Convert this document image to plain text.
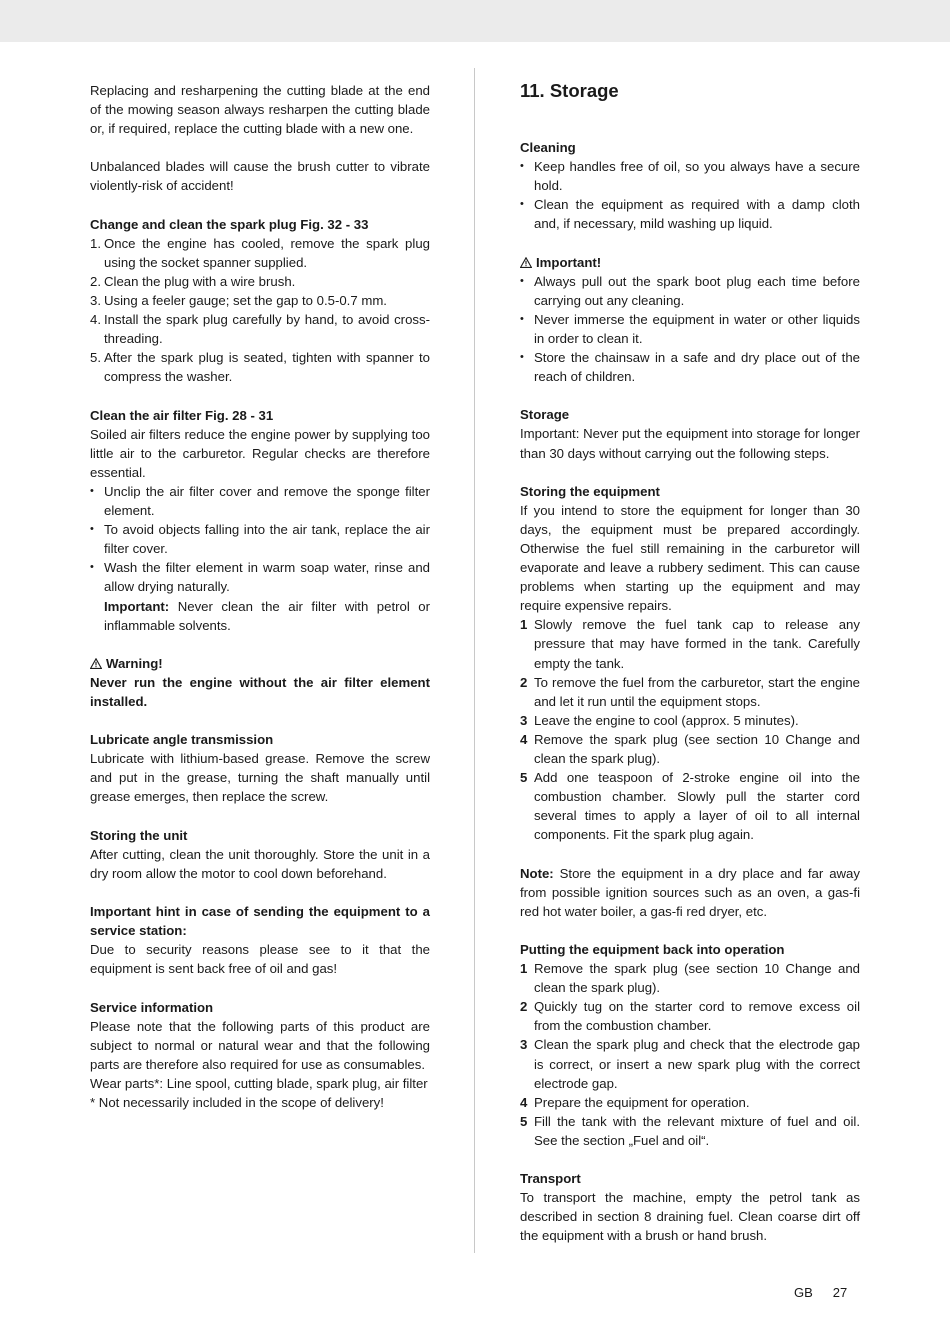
Replacing and resharpening the cutting blade at the end of the mowing season always resharpen the cutting blade or, if required, replace the cutting blade with a new one.

Unbalanced blades will cause the brush cutter to vibrate violently-risk of accident!

Change and clean the spark plug Fig. 32 - 33

1. Once the engine has cooled, remove the spark plug using the socket spanner supplied.
2. Clean the plug with a wire brush.
3. Using a feeler gauge; set the gap to 0.5-0.7 mm.
4. Install the spark plug carefully by hand, to avoid cross-threading.
5. After the spark plug is seated, tighten with spanner to compress the washer.

Clean the air filter Fig. 28 - 31

Soiled air filters reduce the engine power by supplying too little air to the carburetor. Regular checks are therefore essential.

• Unclip the air filter cover and remove the sponge filter element.
• To avoid objects falling into the air tank, replace the air filter cover.
• Wash the filter element in warm soap water, rinse and allow drying naturally.

Important: Never clean the air filter with petrol or inflammable solvents.

Warning!

Never run the engine without the air filter element installed.

Lubricate angle transmission

Lubricate with lithium-based grease. Remove the screw and put in the grease, turning the shaft manually until grease emerges, then replace the screw.

Storing the unit

After cutting, clean the unit thoroughly. Store the unit in a dry room allow the motor to cool down beforehand.

Important hint in case of sending the equipment to a service station:

Due to security reasons please see to it that the equipment is sent back free of oil and gas!

Service information

Please note that the following parts of this product are subject to normal or natural wear and that the following parts are therefore also required for use as consumables.

Wear parts*: Line spool, cutting blade, spark plug, air filter

* Not necessarily included in the scope of delivery!

11. Storage

Cleaning

• Keep handles free of oil, so you always have a secure hold.
• Clean the equipment as required with a damp cloth and, if necessary, mild washing up liquid.

Important!

• Always pull out the spark boot plug each time before carrying out any cleaning.
• Never immerse the equipment in water or other liquids in order to clean it.
• Store the chainsaw in a safe and dry place out of the reach of children.

Storage

Important: Never put the equipment into storage for longer than 30 days without carrying out the following steps.

Storing the equipment

If you intend to store the equipment for longer than 30 days, the equipment must be prepared accordingly. Otherwise the fuel still remaining in the carburetor will evaporate and leave a rubbery sediment. This can cause problems when starting up the equipment and may require expensive repairs.

1 Slowly remove the fuel tank cap to release any pressure that may have formed in the tank. Carefully empty the tank.
2 To remove the fuel from the carburetor, start the engine and let it run until the equipment stops.
3 Leave the engine to cool (approx. 5 minutes).
4 Remove the spark plug (see section 10 Change and clean the spark plug).
5 Add one teaspoon of 2-stroke engine oil into the combustion chamber. Slowly pull the starter cord several times to apply a layer of oil to all internal components. Fit the spark plug again.

Note: Store the equipment in a dry place and far away from possible ignition sources such as an oven, a gas-fi red hot water boiler, a gas-fi red dryer, etc.

Putting the equipment back into operation

1 Remove the spark plug (see section 10 Change and clean the spark plug).
2 Quickly tug on the starter cord to remove excess oil from the combustion chamber.
3 Clean the spark plug and check that the electrode gap is correct, or insert a new spark plug with the correct electrode gap.
4 Prepare the equipment for operation.
5 Fill the tank with the relevant mixture of fuel and oil. See the section „Fuel and oil“.

Transport

To transport the machine, empty the petrol tank as described in section 8 draining fuel. Clean coarse dirt off the equipment with a brush or hand brush.

GB 27
